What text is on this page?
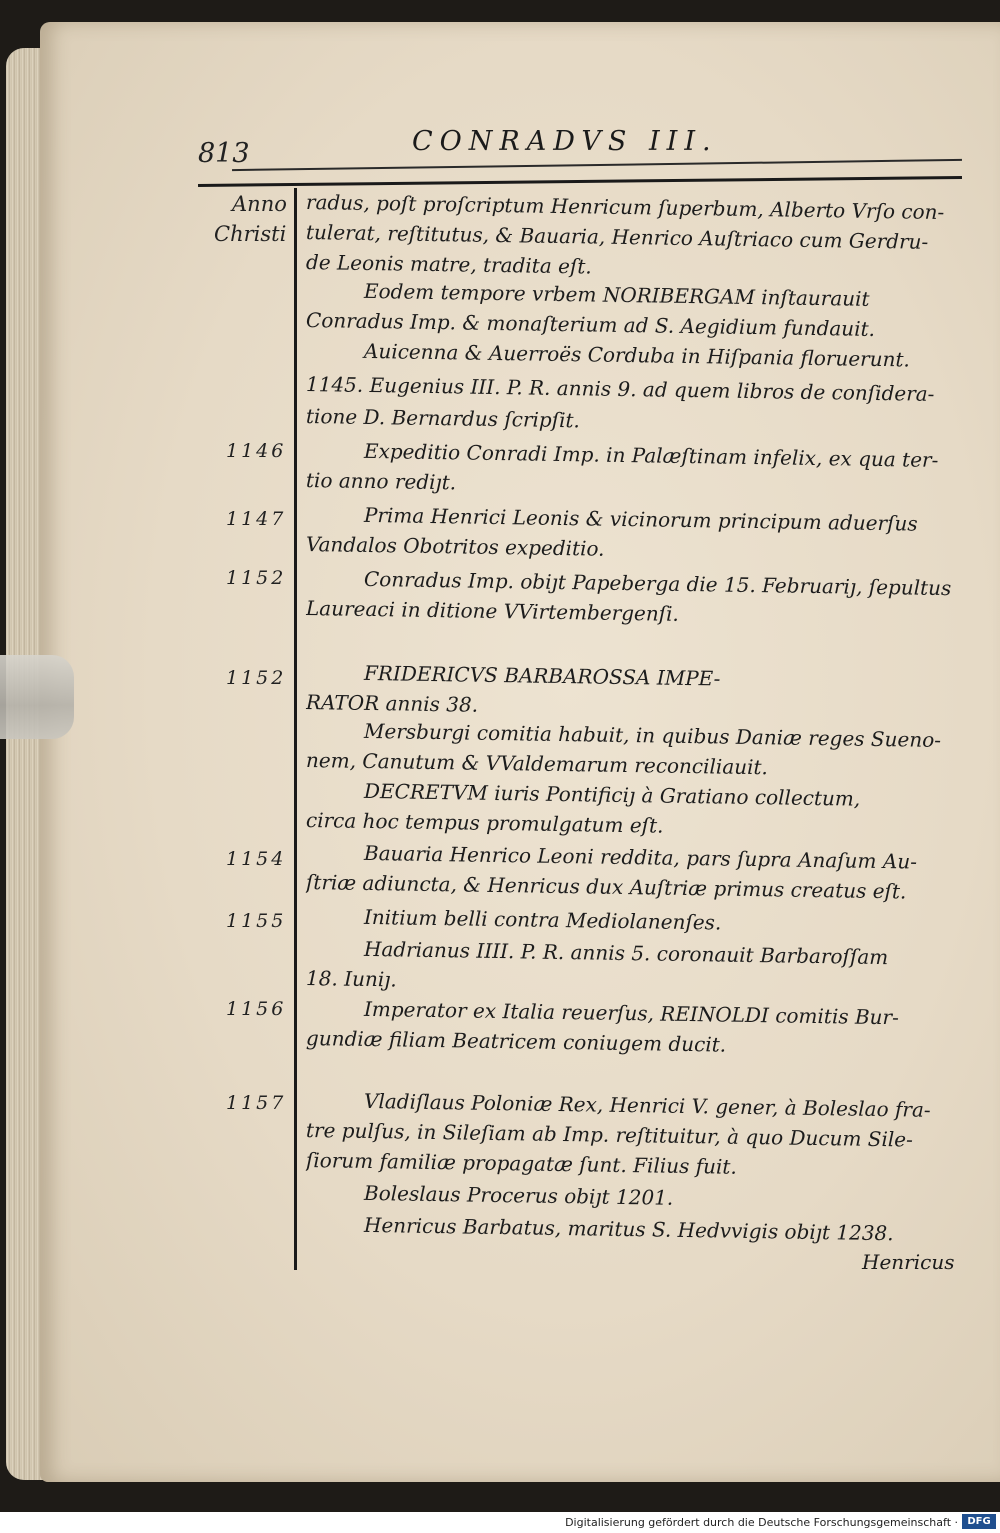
813	CONRADVS III.
Anno
Christi
1146
1147
1152
1152
1154
1155
1156
1157
radus, poſt proſcriptum Henricum ſuperbum, Alberto Vrſo con-
tulerat, reſtitutus, & Bauaria, Henrico Auſtriaco cum Gerdru-
de Leonis matre, tradita eſt.
Eodem tempore vrbem NORIBERGAM inſtaurauit
Conradus Imp. & monaſterium ad S. Aegidium fundauit.
Auicenna & Auerroës Corduba in Hiſpania floruerunt.
1145. Eugenius III. P. R. annis 9. ad quem libros de conſidera-
tione D. Bernardus ſcripſit.
Expeditio Conradi Imp. in Palæſtinam infelix, ex qua ter-
tio anno rediȷt.
Prima Henrici Leonis & vicinorum principum aduerſus
Vandalos Obotritos expeditio.
Conradus Imp. obiȷt Papeberga die 15. Februariȷ, ſepultus
Laureaci in ditione VVirtembergenſi.
FRIDERICVS BARBAROSSA IMPE-
RATOR annis 38.
Mersburgi comitia habuit, in quibus Daniæ reges Sueno-
nem, Canutum & VValdemarum reconciliauit.
DECRETVM iuris Pontificiȷ à Gratiano collectum,
circa hoc tempus promulgatum eſt.
Bauaria Henrico Leoni reddita, pars ſupra Anaſum Au-
ſtriæ adiuncta, & Henricus dux Auſtriæ primus creatus eſt.
Initium belli contra Mediolanenſes.
Hadrianus IIII. P. R. annis 5. coronauit Barbaroſſam
18. Iuniȷ.
Imperator ex Italia reuerſus, REINOLDI comitis Bur-
gundiæ filiam Beatricem coniugem ducit.
Vladiſlaus Poloniæ Rex, Henrici V. gener, à Boleslao fra-
tre pulſus, in Sileſiam ab Imp. reſtituitur, à quo Ducum Sile-
ſiorum familiæ propagatæ ſunt. Filius fuit.
Boleslaus Procerus obiȷt 1201.
Henricus Barbatus, maritus S. Hedvvigis obiȷt 1238.
Henricus
Digitalisierung gefördert durch die Deutsche Forschungsgemeinschaft · DFG
